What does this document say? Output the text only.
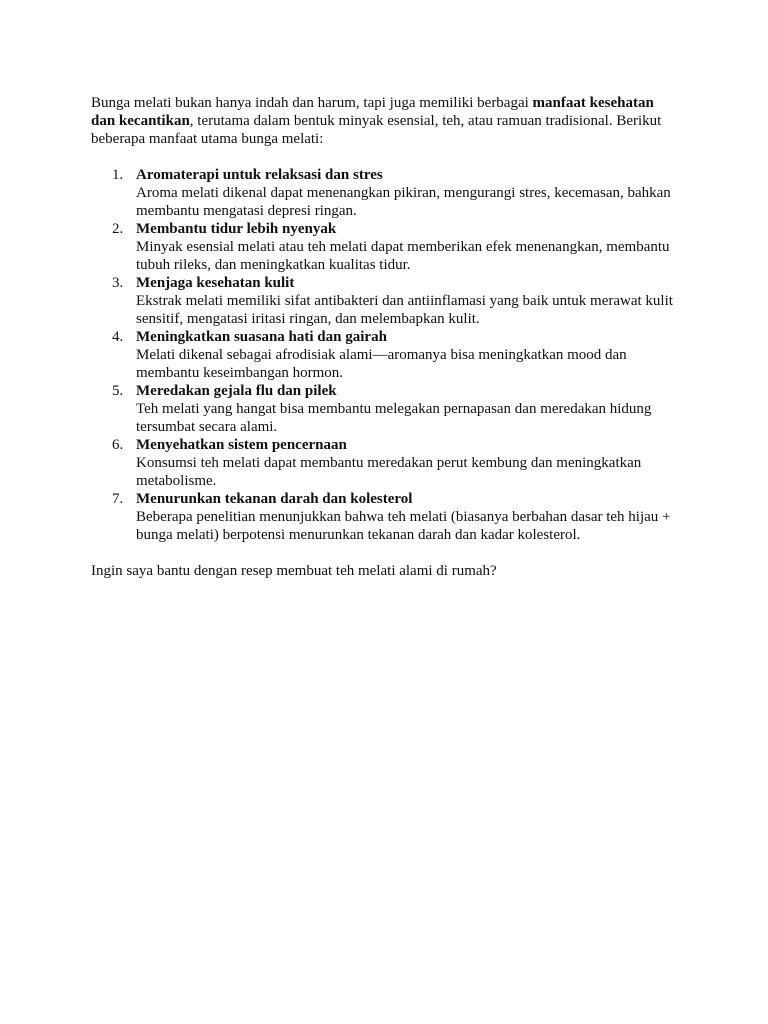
Bunga melati bukan hanya indah dan harum, tapi juga memiliki berbagai manfaat kesehatan dan kecantikan, terutama dalam bentuk minyak esensial, teh, atau ramuan tradisional. Berikut beberapa manfaat utama bunga melati:

1. Aromaterapi untuk relaksasi dan stres
Aroma melati dikenal dapat menenangkan pikiran, mengurangi stres, kecemasan, bahkan membantu mengatasi depresi ringan.
2. Membantu tidur lebih nyenyak
Minyak esensial melati atau teh melati dapat memberikan efek menenangkan, membantu tubuh rileks, dan meningkatkan kualitas tidur.
3. Menjaga kesehatan kulit
Ekstrak melati memiliki sifat antibakteri dan antiinflamasi yang baik untuk merawat kulit sensitif, mengatasi iritasi ringan, dan melembapkan kulit.
4. Meningkatkan suasana hati dan gairah
Melati dikenal sebagai afrodisiak alami—aromanya bisa meningkatkan mood dan membantu keseimbangan hormon.
5. Meredakan gejala flu dan pilek
Teh melati yang hangat bisa membantu melegakan pernapasan dan meredakan hidung tersumbat secara alami.
6. Menyehatkan sistem pencernaan
Konsumsi teh melati dapat membantu meredakan perut kembung dan meningkatkan metabolisme.
7. Menurunkan tekanan darah dan kolesterol
Beberapa penelitian menunjukkan bahwa teh melati (biasanya berbahan dasar teh hijau + bunga melati) berpotensi menurunkan tekanan darah dan kadar kolesterol.

Ingin saya bantu dengan resep membuat teh melati alami di rumah?
